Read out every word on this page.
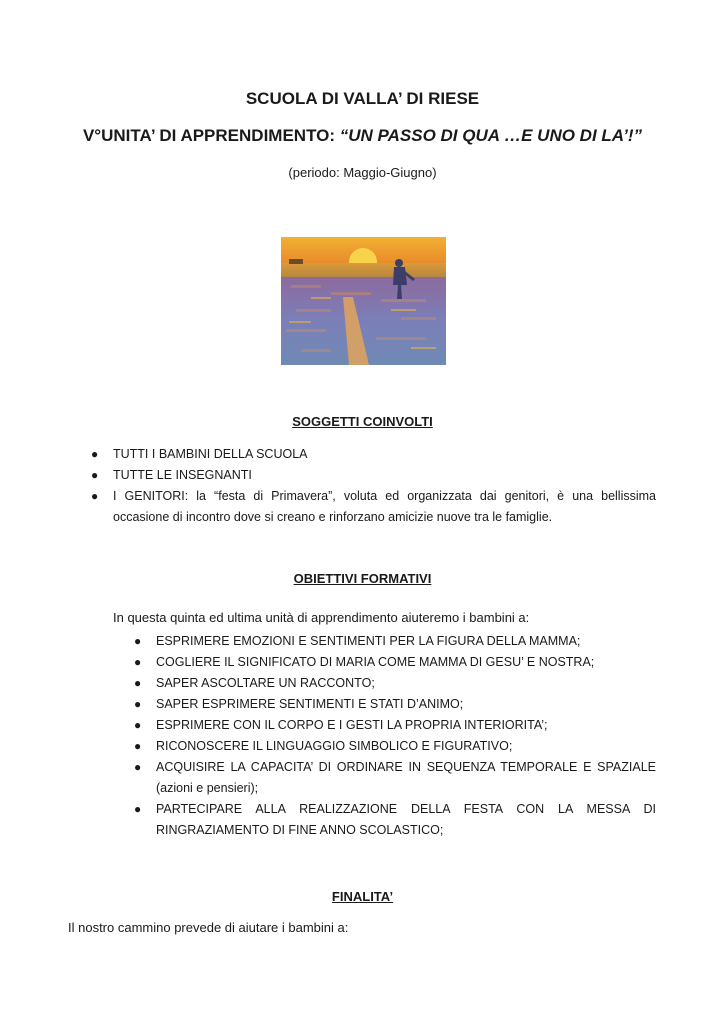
SCUOLA DI VALLA’ DI RIESE
V°UNITA’ DI APPRENDIMENTO: “UN PASSO DI QUA …E UNO DI LA’!”
(periodo: Maggio-Giugno)
SOGGETTI COINVOLTI
● TUTTI I BAMBINI DELLA SCUOLA
● TUTTE LE INSEGNANTI
● I GENITORI: la “festa di Primavera”, voluta ed organizzata dai genitori, è una bellissima occasione di incontro dove si creano e rinforzano amicizie nuove tra le famiglie.
OBIETTIVI FORMATIVI
In questa quinta ed ultima unità di apprendimento aiuteremo i bambini a:
● ESPRIMERE EMOZIONI E SENTIMENTI PER LA FIGURA DELLA MAMMA;
● COGLIERE IL SIGNIFICATO DI MARIA COME MAMMA DI GESU’ E NOSTRA;
● SAPER ASCOLTARE UN RACCONTO;
● SAPER ESPRIMERE SENTIMENTI E STATI D’ANIMO;
● ESPRIMERE CON IL CORPO E I GESTI LA PROPRIA INTERIORITA’;
● RICONOSCERE IL LINGUAGGIO SIMBOLICO E FIGURATIVO;
● ACQUISIRE LA CAPACITA’ DI ORDINARE IN SEQUENZA TEMPORALE E SPAZIALE (azioni e pensieri);
● PARTECIPARE ALLA REALIZZAZIONE DELLA FESTA CON LA MESSA DI RINGRAZIAMENTO DI FINE ANNO SCOLASTICO;
FINALITA’
Il nostro cammino prevede di aiutare i bambini a:
